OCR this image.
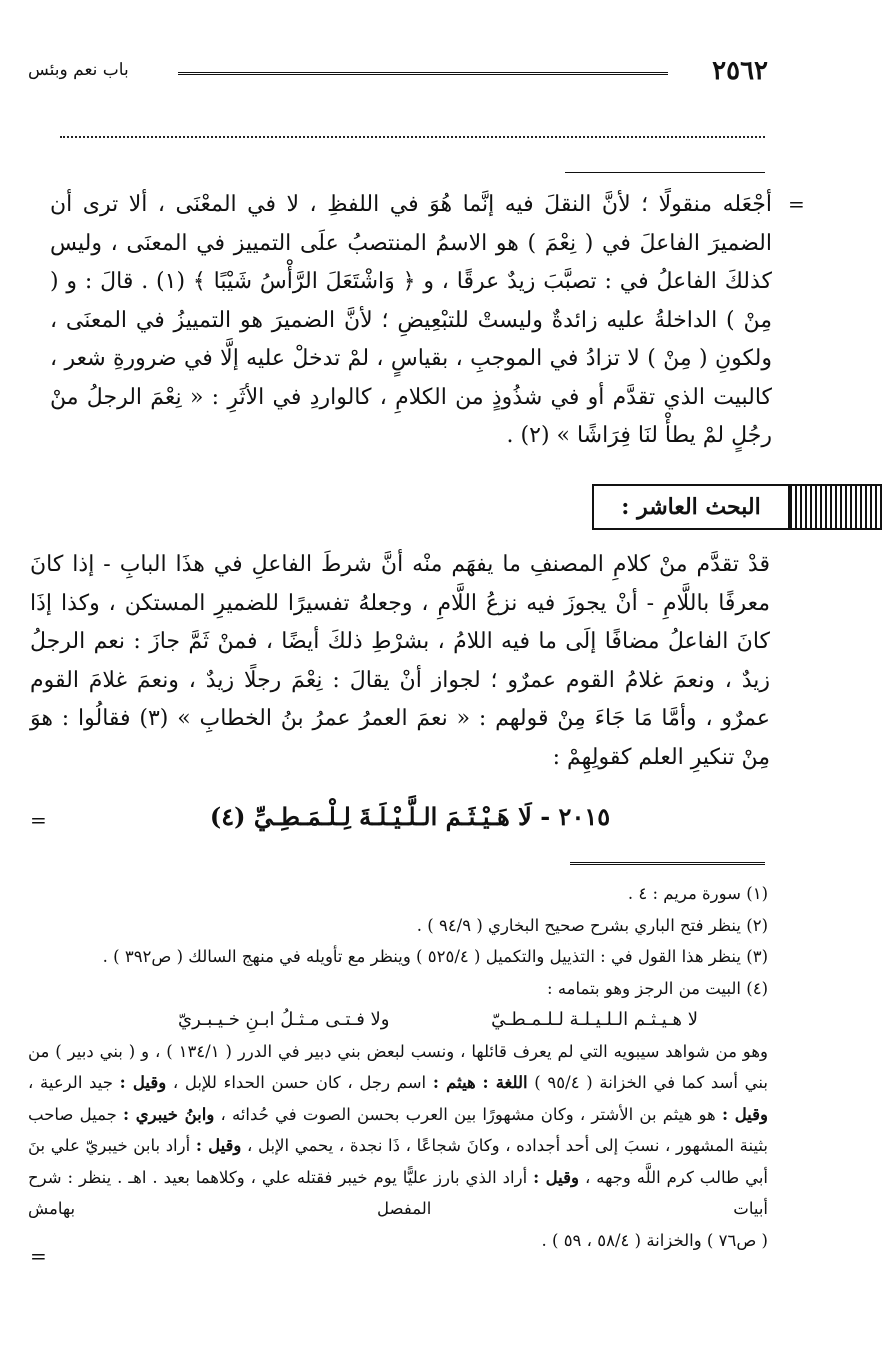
٢٥٦٢
باب نعم وبئس
=
أجْعَله منقولًا ؛ لأنَّ النقلَ فيه إنَّما هُوَ في اللفظِ ، لا في المعْنَى ، ألا ترى أن الضميرَ الفاعلَ في ( نِعْمَ ) هو الاسمُ المنتصبُ علَى التمييز في المعنَى ، وليس كذلكَ الفاعلُ في : تصبَّبَ زيدٌ عرقًا ، و ﴿ وَاشْتَعَلَ الرَّأْسُ شَيْبًا ﴾ (١) . قالَ : و ( مِنْ ) الداخلةُ عليه زائدةٌ وليستْ للتبْعِيضِ ؛ لأنَّ الضميرَ هو التمييزُ في المعنَى ، ولكونِ ( مِنْ ) لا تزادُ في الموجبِ ، بقياسٍ ، لمْ تدخلْ عليه إلَّا في ضرورةِ شعر ، كالبيت الذي تقدَّم أو في شذُوذٍ من الكلامِ ، كالواردِ في الأثَرِ : « نِعْمَ الرجلُ منْ رجُلٍ لمْ يطأْ لنَا فِرَاشًا » (٢) .
البحث العاشر :
قدْ تقدَّم منْ كلامِ المصنفِ ما يفهَم منْه أنَّ شرطَ الفاعلِ في هذَا البابِ - إذا كانَ معرفًا باللَّامِ - أنْ يجوزَ فيه نزعُ اللَّامِ ، وجعلهُ تفسيرًا للضميرِ المستكن ، وكذا إذَا كانَ الفاعلُ مضافًا إلَى ما فيه اللامُ ، بشرْطِ ذلكَ أيضًا ، فمنْ ثَمَّ جازَ : نعم الرجلُ زيدٌ ، ونعمَ غلامُ القوم عمرٌو ؛ لجواز أنْ يقالَ : نِعْمَ رجلًا زيدٌ ، ونعمَ غلامَ القوم عمرٌو ، وأمَّا مَا جَاءَ مِنْ قولهم : « نعمَ العمرُ عمرُ بنُ الخطابِ » (٣) فقالُوا : هوَ مِنْ تنكيرِ العلم كقولِهِمْ :
٢٠١٥ - لَا هَـيْـثَـمَ الـلَّـيْـلَـةَ لِـلْـمَـطِـيِّ (٤)
=
(١) سورة مريم : ٤ .
(٢) ينظر فتح الباري بشرح صحيح البخاري ( ٩٤/٩ ) .
(٣) ينظر هذا القول في : التذييل والتكميل ( ٥٢٥/٤ ) وينظر مع تأويله في منهج السالك ( ص٣٩٢ ) .
(٤) البيت من الرجز وهو بتمامه :
لا هـيـثـم الـلـيـلـة لـلـمـطـيّ
ولا فـتـى مـثـلُ ابـنِ خـيـبـريّ
وهو من شواهد سيبويه التي لم يعرف قائلها ، ونسب لبعض بني دبير في الدرر ( ١٣٤/١ ) ، و ( بني دبير ) من بني أسد كما في الخزانة ( ٩٥/٤ ) اللغة : هيثم : اسم رجل ، كان حسن الحداء للإبل ، وقيل : جيد الرعية ، وقيل : هو هيثم بن الأشتر ، وكان مشهورًا بين العرب بحسن الصوت في حُدائه ، وابنُ خيبري : جميل صاحب بثينة المشهور ، نسبَ إلى أحد أجداده ، وكانَ شجاعًا ، ذَا نجدة ، يحمي الإبل ، وقيل : أراد بابن خيبريّ علي بنَ أبي طالب كرم اللَّه وجهه ، وقيل : أراد الذي بارز عليًّا يوم خيبر فقتله علي ، وكلاهما بعيد . اهـ . ينظر : شرح أبيات المفصل بهامش
( ص٧٦ ) والخزانة ( ٥٨/٤ ، ٥٩ ) .
=
